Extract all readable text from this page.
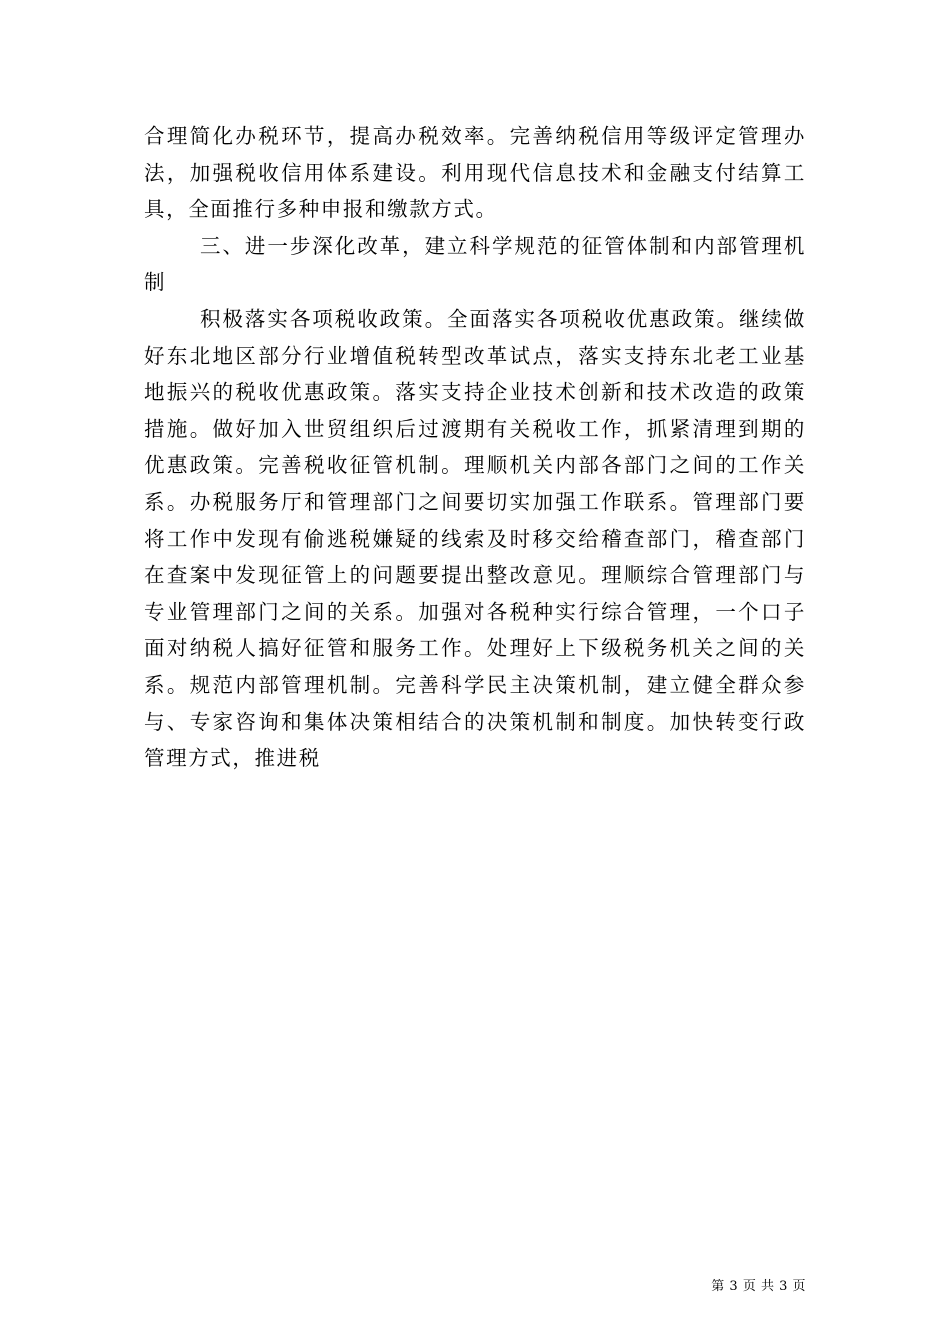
合理简化办税环节，提高办税效率。完善纳税信用等级评定管理办法，加强税收信用体系建设。利用现代信息技术和金融支付结算工具，全面推行多种申报和缴款方式。

三、进一步深化改革，建立科学规范的征管体制和内部管理机制

积极落实各项税收政策。全面落实各项税收优惠政策。继续做好东北地区部分行业增值税转型改革试点，落实支持东北老工业基地振兴的税收优惠政策。落实支持企业技术创新和技术改造的政策措施。做好加入世贸组织后过渡期有关税收工作，抓紧清理到期的优惠政策。完善税收征管机制。理顺机关内部各部门之间的工作关系。办税服务厅和管理部门之间要切实加强工作联系。管理部门要将工作中发现有偷逃税嫌疑的线索及时移交给稽查部门，稽查部门在查案中发现征管上的问题要提出整改意见。理顺综合管理部门与专业管理部门之间的关系。加强对各税种实行综合管理，一个口子面对纳税人搞好征管和服务工作。处理好上下级税务机关之间的关系。规范内部管理机制。完善科学民主决策机制，建立健全群众参与、专家咨询和集体决策相结合的决策机制和制度。加快转变行政管理方式，推进税

第 3 页 共 3 页
